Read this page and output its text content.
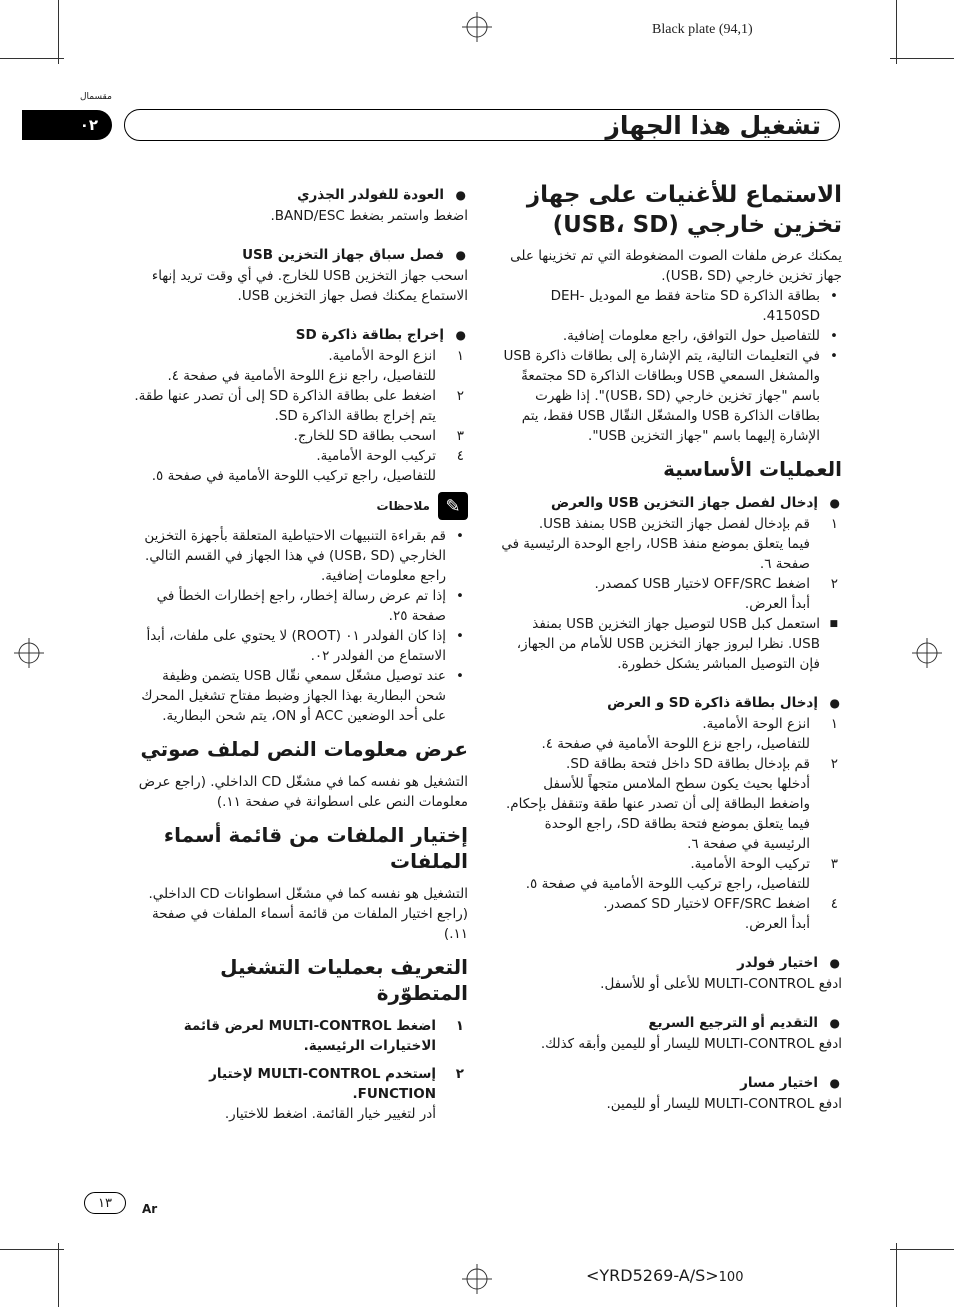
Black plate (94,1)
مقسمال
٠٢	تشغيل هذا الجهاز
الاستماع للأغنيات على جهاز تخزين خارجي (USB، SD)

يمكنك عرض ملفات الصوت المضغوطة التي تم تخزينها على جهاز تخزين خارجي (USB، SD).

• بطاقة الذاكرة SD متاحة فقط مع الموديل -DEH 4150SD.
• للتفاصيل حول التوافق، راجع معلومات إضافية.
• في التعليمات التالية، يتم الإشارة إلى بطاقات ذاكرة USB والمشغل السمعي USB وبطاقات الذاكرة SD مجتمعةً باسم "جهاز تخزين خارجي (USB، SD)". إذا ظهرت بطاقات الذاكرة USB والمشغّل النقّال USB فقط، يتم الإشارة إليهما باسم "جهاز التخزين USB".
العمليات الأساسية
● إدخال لفصل جهاز التخزين USB والعرض
١
قم بإدخال لفصل جهاز التخزين USB بمنفذ USB.
فيما يتعلق بموضع منفذ USB، راجع الوحدة الرئيسية في صفحة ٦.
٢
اضغط OFF/SRC لاختيار USB كمصدر.
أبدأ العرض.
■ استعمل كبل USB لتوصيل جهاز التخزين USB بمنفذ USB. نظرا لبروز جهاز التخزين USB للأمام من الجهاز، فإن التوصيل المباشر يشكل خطورة.
● إدخال بطاقة ذاكرة SD و العرض
١
انزع الوحة الأمامية.
للتفاصيل، راجع نزع اللوحة الأمامية في صفحة ٤.
٢
قم بإدخال بطاقة SD داخل فتحة بطاقة SD.
أدخلها بحيث يكون سطح الملامس متجهاً للأسفل واضغط البطاقة إلى أن تصدر عنها طقة وتنقفل بإحكام.
فيما يتعلق بموضع فتحة بطاقة SD، راجع الوحدة الرئيسية في صفحة ٦.
٣
تركيب الوحة الأمامية.
للتفاصيل، راجع تركيب اللوحة الأمامية في صفحة ٥.
٤
اضغط OFF/SRC لاختيار SD كمصدر.
أبدأ العرض.
● اختيار فولدر

ادفع MULTI-CONTROL للأعلى أو للأسفل.

● التقديم أو الترجيع السريع

ادفع MULTI-CONTROL لليسار أو لليمين وأبقه كذلك.

● اختيار مسار

ادفع MULTI-CONTROL لليسار أو لليمين.

● العودة للفولدر الجذري

اضغط واستمر بضغط BAND/ESC.

● فصل سباق جهاز التخزين USB

اسحب جهاز التخزين USB للخارج. في أي وقت تريد إنهاء الاستماع يمكنك فصل جهاز التخزين USB.

● إخراج بطاقة ذاكرة SD
١
انزع الوحة الأمامية.
للتفاصيل، راجع نزع اللوحة الأمامية في صفحة ٤.
٢
اضغط على بطاقة الذاكرة SD إلى أن تصدر عنها طقة.
يتم إخراج بطاقة الذاكرة SD.
٣
اسحب بطاقة SD للخارج.
٤
تركيب الوحة الأمامية.
للتفاصيل، راجع تركيب اللوحة الأمامية في صفحة ٥.
✎
ملاحظات
• قم بقراءة التنبيهات الاحتياطية المتعلقة بأجهزة التخزين الخارجي (USB، SD) في هذا الجهاز في القسم التالي. راجع معلومات إضافية.
• إذا تم عرض رسالة إخطار، راجع إخطارات الخطأ في صفحة ٢٥.
• إذا كان الفولدر ٠١ (ROOT) لا يحتوي على ملفات، أبدأ الاستماع من الفولدر ٠٢.
• عند توصيل مشغّل سمعي نقّال USB يتضمن وظيفة شحن البطارية بهذا الجهاز وضبط مفتاح تشغيل المحرك على أحد الوضعين ACC أو ON، يتم شحن البطارية.
عرض معلومات النص لملف صوتي

التشغيل هو نفسه كما في مشغّل CD الداخلي. (راجع عرض معلومات النص على اسطوانة في صفحة ١١.)

إختيار الملفات من قائمة أسماء الملفات

التشغيل هو نفسه كما في مشغّل اسطوانات CD الداخلي. (راجع اختيار الملفات من قائمة أسماء الملفات في صفحة ١١.)

التعريف بعمليات التشغيل المتطوّرة
١
اضغط MULTI-CONTROL لعرض قائمة الاختيارات الرئيسية.
٢
إستخدم MULTI-CONTROL لإختيار FUNCTION.
أدر لتغيير خيار القائمة. اضغط للاختيار.
١٣	Ar
<YRD5269-A/S>100
